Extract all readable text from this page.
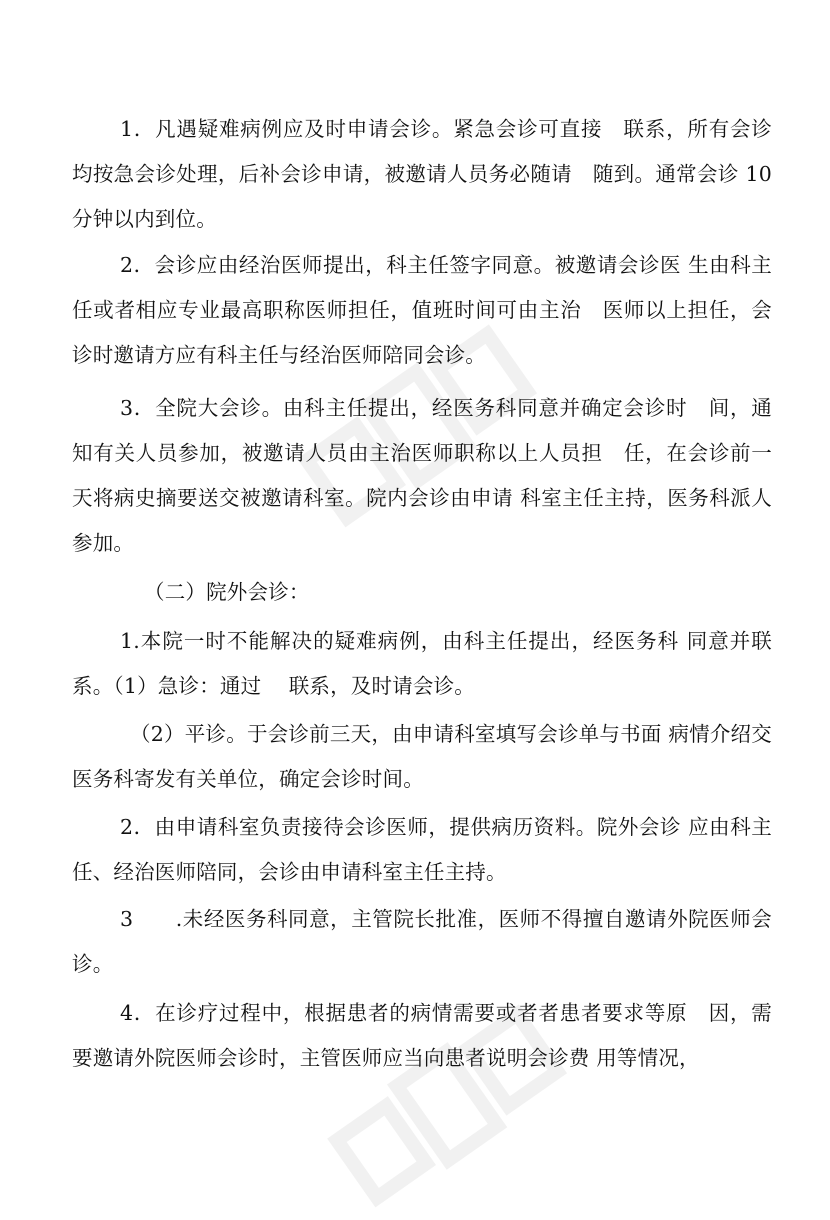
1．凡遇疑难病例应及时申请会诊。紧急会诊可直接　联系，所有会诊均按急会诊处理，后补会诊申请，被邀请人员务必随请　随到。通常会诊 10 分钟以内到位。

2．会诊应由经治医师提出，科主任签字同意。被邀请会诊医 生由科主任或者相应专业最高职称医师担任，值班时间可由主治　医师以上担任，会诊时邀请方应有科主任与经治医师陪同会诊。

3．全院大会诊。由科主任提出，经医务科同意并确定会诊时　间，通知有关人员参加，被邀请人员由主治医师职称以上人员担　任，在会诊前一天将病史摘要送交被邀请科室。院内会诊由申请 科室主任主持，医务科派人参加。

（二）院外会诊：

1.本院一时不能解决的疑难病例，由科主任提出，经医务科 同意并联系。（1）急诊：通过　 联系，及时请会诊。

（2）平诊。于会诊前三天，由申请科室填写会诊单与书面 病情介绍交医务科寄发有关单位，确定会诊时间。

2．由申请科室负责接待会诊医师，提供病历资料。院外会诊 应由科主任、经治医师陪同，会诊由申请科室主任主持。

3　　.未经医务科同意，主管院长批准，医师不得擅自邀请外院医师会诊。

4．在诊疗过程中，根据患者的病情需要或者者患者要求等原　因，需要邀请外院医师会诊时，主管医师应当向患者说明会诊费 用等情况，
